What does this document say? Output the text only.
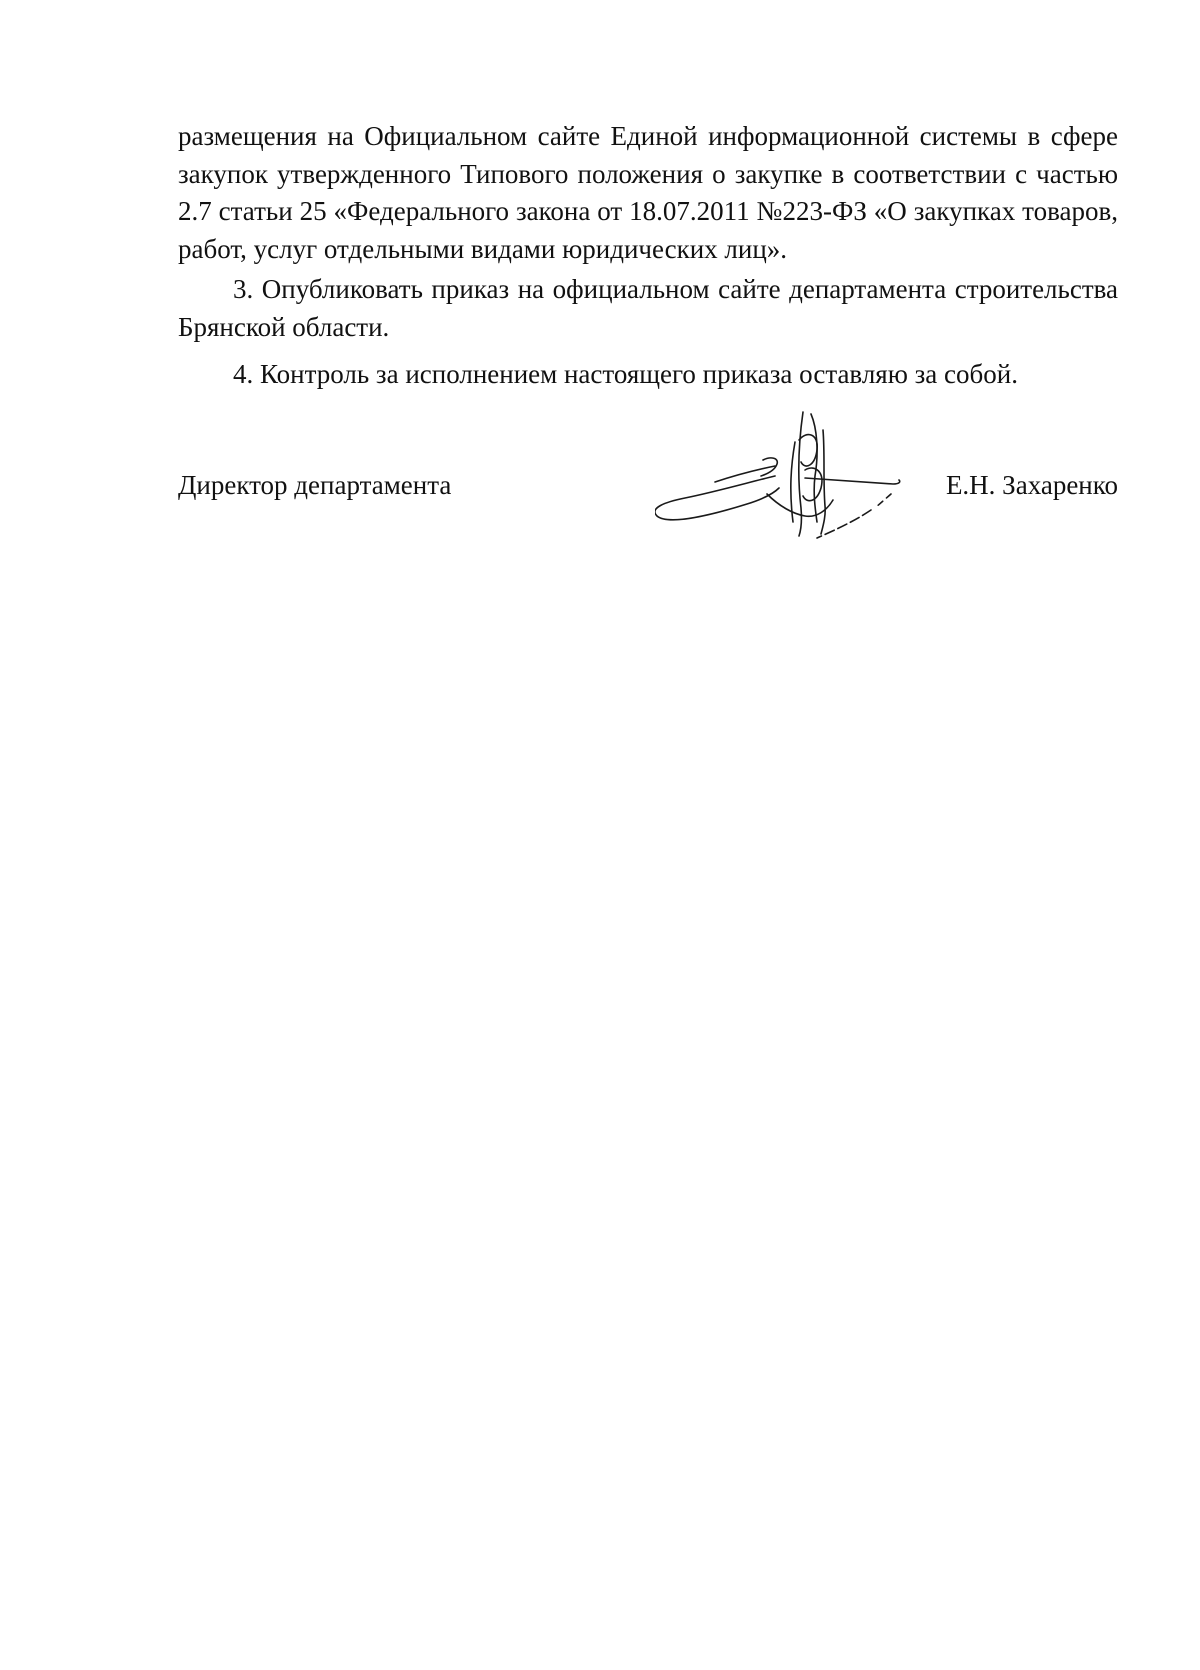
размещения на Официальном сайте Единой информационной системы в сфере закупок утвержденного Типового положения о закупке в соответствии с частью 2.7 статьи 25 «Федерального закона от 18.07.2011 №223-ФЗ «О закупках товаров, работ, услуг отдельными видами юридических лиц».

3. Опубликовать приказ на официальном сайте департамента строительства Брянской области.

4. Контроль за исполнением настоящего приказа оставляю за собой.

Директор департамента	Е.Н. Захаренко
